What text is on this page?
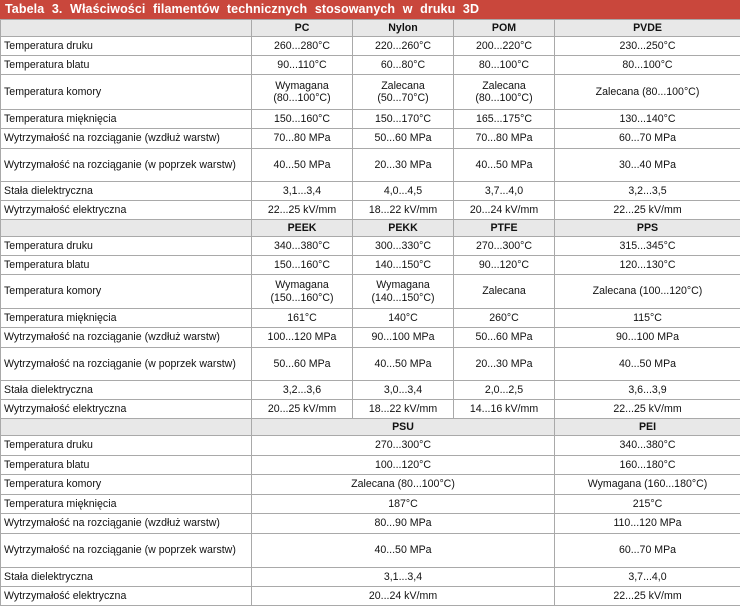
Tabela 3. Właściwości filamentów technicznych stosowanych w druku 3D
	PC	Nylon	POM	PVDE
Temperatura druku	260...280°C	220...260°C	200...220°C	230...250°C
Temperatura blatu	90...110°C	60...80°C	80...100°C	80...100°C
Temperatura komory	Wymagana (80...100°C)	Zalecana (50...70°C)	Zalecana (80...100°C)	Zalecana (80...100°C)
Temperatura mięknięcia	150...160°C	150...170°C	165...175°C	130...140°C
Wytrzymałość na rozciąganie (wzdłuż warstw)	70...80 MPa	50...60 MPa	70...80 MPa	60...70 MPa
Wytrzymałość na rozciąganie (w poprzek warstw)	40...50 MPa	20...30 MPa	40...50 MPa	30...40 MPa
Stała dielektryczna	3,1...3,4	4,0...4,5	3,7...4,0	3,2...3,5
Wytrzymałość elektryczna	22...25 kV/mm	18...22 kV/mm	20...24 kV/mm	22...25 kV/mm
	PEEK	PEKK	PTFE	PPS
Temperatura druku	340...380°C	300...330°C	270...300°C	315...345°C
Temperatura blatu	150...160°C	140...150°C	90...120°C	120...130°C
Temperatura komory	Wymagana (150...160°C)	Wymagana (140...150°C)	Zalecana	Zalecana (100...120°C)
Temperatura mięknięcia	161°C	140°C	260°C	115°C
Wytrzymałość na rozciąganie (wzdłuż warstw)	100...120 MPa	90...100 MPa	50...60 MPa	90...100 MPa
Wytrzymałość na rozciąganie (w poprzek warstw)	50...60 MPa	40...50 MPa	20...30 MPa	40...50 MPa
Stała dielektryczna	3,2...3,6	3,0...3,4	2,0...2,5	3,6...3,9
Wytrzymałość elektryczna	20...25 kV/mm	18...22 kV/mm	14...16 kV/mm	22...25 kV/mm
	PSU			PEI
Temperatura druku	270...300°C			340...380°C
Temperatura blatu	100...120°C			160...180°C
Temperatura komory	Zalecana (80...100°C)			Wymagana (160...180°C)
Temperatura mięknięcia	187°C			215°C
Wytrzymałość na rozciąganie (wzdłuż warstw)	80...90 MPa			110...120 MPa
Wytrzymałość na rozciąganie (w poprzek warstw)	40...50 MPa			60...70 MPa
Stała dielektryczna	3,1...3,4			3,7...4,0
Wytrzymałość elektryczna	20...24 kV/mm			22...25 kV/mm
